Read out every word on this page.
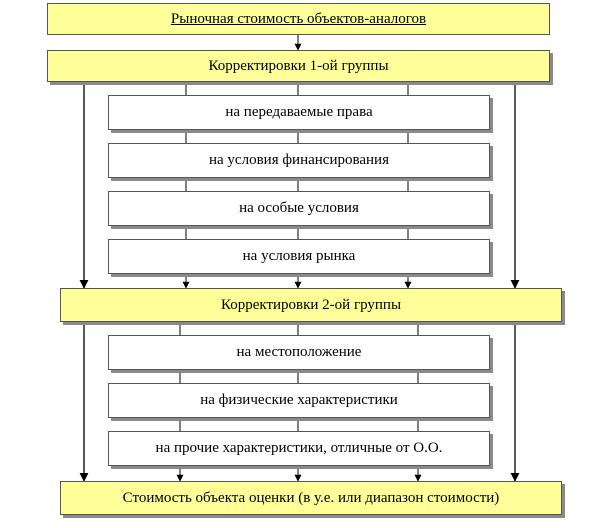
Рыночная стоимость объектов-аналогов
Корректировки 1-ой группы
на передаваемые права
на условия финансирования
на особые условия
на условия рынка
Корректировки 2-ой группы
на местоположение
на физические характеристики
на прочие характеристики, отличные от О.О.
Стоимость объекта оценки (в у.е. или диапазон стоимости)
